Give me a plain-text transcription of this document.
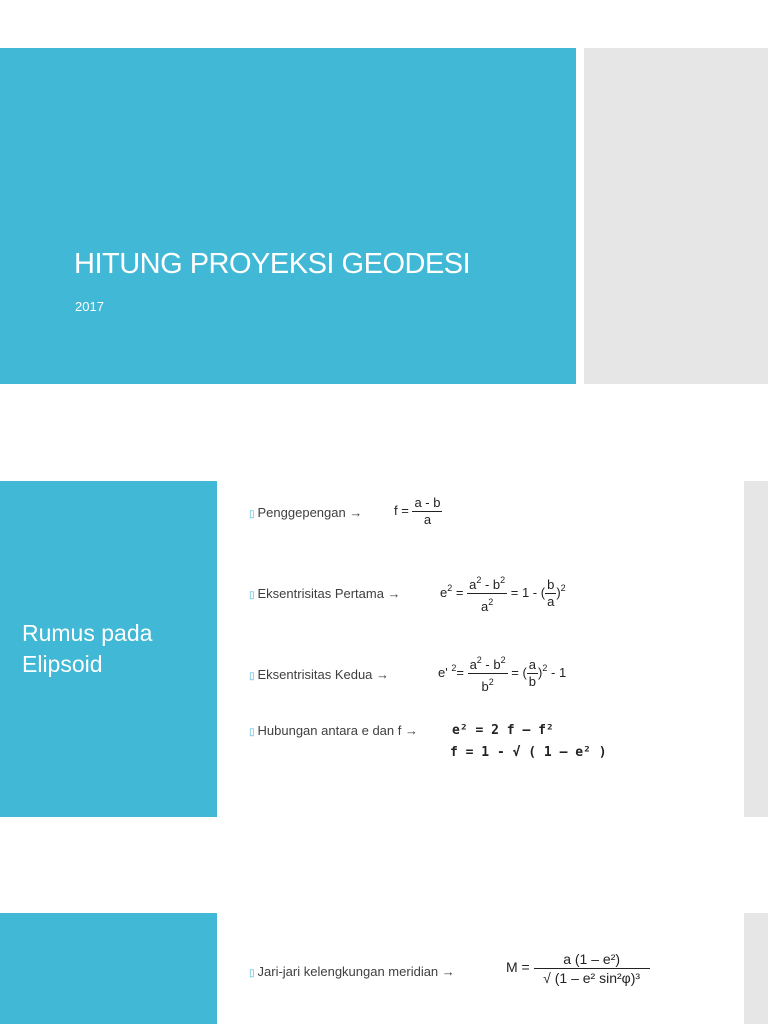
HITUNG PROYEKSI GEODESI
2017
Rumus pada
Elipsoid
▯ Penggepengan → $f = \frac{a - b}{a}$
▯ Eksentrisitas Pertama →	$e^2 = \frac{a^2 - b^2}{a^2} = 1$ - ( $\frac{b}{a} )^2$
▯ Eksentrisitas Kedua →	e' $^2= \frac{a^2 - b^2}{b^2}$ = ( $\frac{a}{b} )^2 - 1$
▯ Hubungan antara e dan f →	e² = 2 f – f²
f = 1 - √ ( 1 – e² )
▯ Jari-jari kelengkungan meridian →	$M = \frac{\text{a (1 – e²)}}{\text{√ (1 – e² sin²φ)³}}$
